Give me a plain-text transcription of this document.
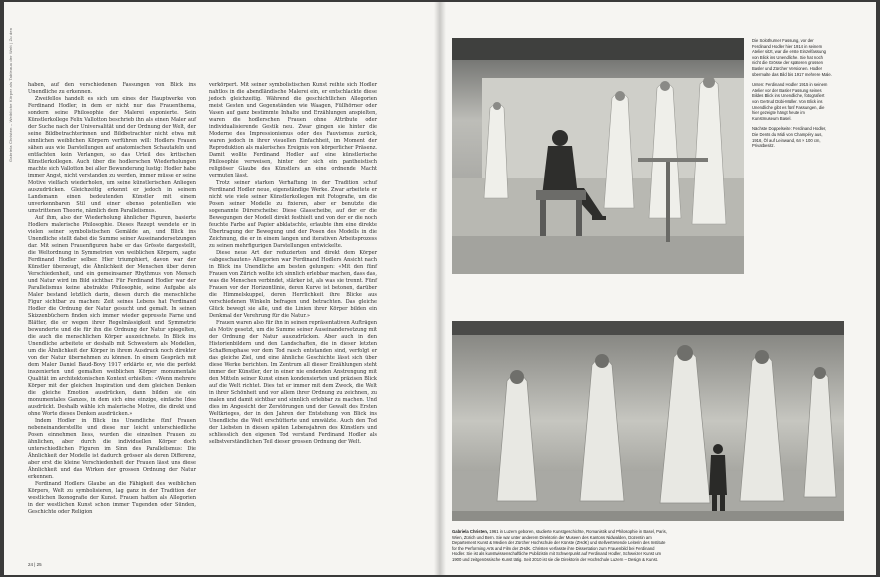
Gabriela Christen – Weibliche Körper als Tableaux der Welt | Zu den	haben, auf den verschiedenen Fassungen von Blick ins Unendliche zu erkennen.

Zweifellos handelt es sich um eines der Hauptwerke von Ferdinand Hodler, in dem er nicht nur das Frauenthema, sondern seine Philosophie der Malerei exponierte. Sein Künstlerkollege Felix Vallotton beschrieb ihn als einen Maler auf der Suche nach der Universalität und der Ordnung der Welt, der seine Bildbetrachterinnen und Bildbetrachter nicht etwa mit sinnlichen weiblichen Körpern verführen will: Hodlers Frauen sähen aus wie Darstellungen auf anatomischen Schautafeln und entfachten kein Verlangen, so das Urteil des kritischen Künstlerkollegen. Auch über die hodlerschen Wiederholungen machte sich Vallotton bei aller Bewunderung lustig: Hodler habe immer Angst, nicht verstanden zu werden, immer müsse er seine Motive vielfach wiederholen, um seine künstlerischen Anliegen auszudrücken. Gleichzeitig erkennt er jedoch in seinem Landsmann einen bedeutenden Künstler mit einem unverkennbaren Stil und einer ebenso potentiellen wie umstrittenen Theorie, nämlich dem Parallelismus.

Auf ihm, also der Wiederholung ähnlicher Figuren, basierte Hodlers malerische Philosophie. Dieses Rezept wendete er in vielen seiner symbolistischen Gemälde an, und Blick ins Unendliche stellt dabei die Summe seiner Auseinandersetzungen dar. Mit seinen Frauenfiguren habe er das Grösste dargestellt, die Weltordnung in Symmetrien von weiblichen Körpern, sagte Ferdinand Hodler selber. Hier triumphiert, davon war der Künstler überzeugt, die Ähnlichkeit der Menschen über deren Verschiedenheit, und ein gemeinsamer Rhythmus von Mensch und Natur wird im Bild sichtbar. Für Ferdinand Hodler war der Parallelismus keine abstrakte Philosophie, seine Aufgabe als Maler bestand letztlich darin, diesen durch die menschliche Figur sichtbar zu machen: Zeit seines Lebens hat Ferdinand Hodler die Ordnung der Natur gesucht und gemalt. In seinen Skizzenbüchern finden sich immer wieder gepresste Farne und Blätter, die er wegen ihrer Regelmässigkeit und Symmetrie bewunderte und die für ihn die Ordnung der Natur spiegelten, die auch die menschlichen Körper auszeichnete. In Blick ins Unendliche arbeitete er deshalb mit Schwestern als Modellen, um die Ähnlichkeit der Körper in ihrem Ausdruck noch direkter von der Natur übernehmen zu können. In einem Gespräch mit dem Maler Daniel Baud-Bovy 1917 erklärte er, wie die perfekt inszenierten und gemalten weiblichen Körper monumentale Qualität im architektonischen Kontext erhielten: «Wenn mehrere Körper mit der gleichen Inspiration und dem gleichen Denken die gleiche Emotion ausdrücken, dann bilden sie ein monumentales Ganzes, in dem sich eine einzige, einfache Idee ausdrückt. Deshalb wähle ich malerische Motive, die direkt und ohne Worte dieses Denken ausdrücken.»

Indem Hodler in Blick ins Unendliche fünf Frauen nebeneinanderstellte und diese nur leicht unterschiedliche Posen einnehmen liess, wurden die einzelnen Frauen zu ähnlichen, aber durch die individuellen Körper doch unterschiedlichen Figuren im Sinn des Parallelismus: Die Ähnlichkeit der Modelle ist dadurch grösser als deren Differenz, aber erst die kleine Verschiedenheit der Frauen lässt uns diese Ähnlichkeit und das Wirken der grossen Ordnung der Natur erkennen.

Ferdinand Hodlers Glaube an die Fähigkeit des weiblichen Körpers, Welt zu symbolisieren, lag ganz in der Tradition der westlichen Ikonografie der Kunst. Frauen hatten als Allegorien in der westlichen Kunst schon immer Tugenden oder Sünden, Geschichte oder Religion

verkörpert. Mit seiner symbolistischen Kunst reihte sich Hodler nahtlos in die abendländische Malerei ein, er entschlackte diese jedoch gleichzeitig. Während die geschichtlichen Allegorien meist Gesten und Gegenständen wie Waagen, Füllhörner oder Vasen auf ganz bestimmte Inhalte und Erzählungen anspielten, waren die hodlerschen Frauen ohne Attribute oder individualisierende Gestik neu. Zwar gingen sie hinter die Moderne des Impressionismus oder des Fauvismus zurück, waren jedoch in ihrer visuellen Einfachheit, im Moment der Reproduktion als malerisches Ereignis von körperlicher Präsenz. Damit wollte Ferdinand Hodler auf eine künstlerische Philosophie verweisen, hinter der sich ein pantheistisch religiöser Glaube des Künstlers an eine ordnende Macht vermuten lässt.

Trotz seiner starken Verhaftung in der Tradition schuf Ferdinand Hodler neue, eigenständige Werke. Zwar arbeitete er nicht wie viele seiner Künstlerkollegen mit Fotografie, um die Posen seiner Modelle zu fixieren, aber er benutzte die sogenannte Dürerscheibe: Diese Glasscheibe, auf der er die Bewegungen der Modell direkt festhielt und von der er die noch feuchte Farbe auf Papier abklatschte, erlaubte ihm eine direkte Übertragung der Bewegung und der Posen des Modells in die Zeichnung, die er in einem langen und iterativen Arbeitsprozess zu seinen mehrfigurigen Darstellungen entwickelte.

Diese neue Art der reduzierten und direkt dem Körper «abgeschauten» Allegorien war Ferdinand Hodlers Ansicht nach in Blick ins Unendliche am besten gelungen: «Mit den fünf Frauen von Zürich wollte ich sinnlich erlebbar machen, dass das, was die Menschen verbindet, stärker ist, als was sie trennt. Fünf Frauen vor der Horizontlinie, deren Kurve ist betonen, darüber die Himmelskuppel, deren Herrlichkeit ihre Blicke aus verschiedenen Winkeln befragen und betrachten. Das gleiche Glück bewegt sie alle, und die Linien ihrer Körper bilden ein Denkmal der Verehrung für die Natur.»

Frauen waren also für ihn in seinen repräsentativen Aufträgen als Motiv gesetzt, um die Summe seiner Auseinandersetzung mit der Ordnung der Natur auszudrücken. Aber auch in den Historienbildern und den Landschaften, die in dieser letzten Schaffensphase vor dem Tod rasch entstanden sind, verfolgt er das gleiche Ziel, und eine ähnliche Geschichte lässt sich über diese Werke berichten. Im Zentrum all dieser Erzählungen steht immer der Künstler, der in einer nie endenden Anstrengung mit den Mitteln seiner Kunst einen kondensierten und präzisen Blick auf die Welt richtet. Dies tut er immer mit dem Zweck, die Welt in ihrer Schönheit und vor allem ihrer Ordnung zu zeichnen, zu malen und damit sichtbar und sinnlich erlebbar zu machen. Und dies im Angesicht der Zerstörungen und der Gewalt des Ersten Weltkrieges, der in den Jahren der Entstehung von Blick ins Unendliche die Welt erschütterte und umwälzte. Auch den Tod der Liebsten in diesen späten Lebensjahren des Künstlers und schliesslich den eigenen Tod verstand Ferdinand Hodler als selbstverständlichen Teil dieser grossen Ordnung der Welt.

24 | 25

Die Solothurner Fassung, vor der Ferdinand Hodler hier 1914 in seinem Atelier sitzt, war die erste Einzelfassung von Blick ins Unendliche. Sie hat noch nicht die Grösse der späteren grossen Basler und Zürcher Versionen. Hodler übermalte das Bild bis 1917 mehrere Male.

Unten: Ferdinand Hodler 1915 in seinem Atelier vor der Basler Fassung seines Bildes Blick ins Unendliche, fotografiert von Gertrud Dübi-Müller. Von Blick ins Unendliche gibt es fünf Fassungen, die hier gezeigte hängt heute im Kunstmuseum Basel.

Nächste Doppelseite: Ferdinand Hodler, Die Dents du Midi von Champéry aus, 1916, Öl auf Leinwand, 64 × 100 cm, Privatbesitz.

Gabriela Christen, 1961 in Luzern geboren, studierte Kunstgeschichte, Romanistik und Philosophie in Basel, Paris, Wien, Zürich und Bern. Sie war unter anderem Direktorin der Museen des Kantons Nidwalden, Dozentin am Departement Kunst & Medien der Zürcher Hochschule der Künste (ZHdK) und stellvertretende Leiterin des Institute for the Performing Arts and Film der ZHdK. Christen verfasste ihre Dissertation zum Frauenbild bei Ferdinand Hodler. Sie ist als kunstwissenschaftliche Publizistin mit Schwerpunkt auf Ferdinand Hodler, Schweizer Kunst um 1900 und zeitgenössische Kunst tätig. Seit 2010 ist sie die Direktorin der Hochschule Luzern – Design & Kunst.
